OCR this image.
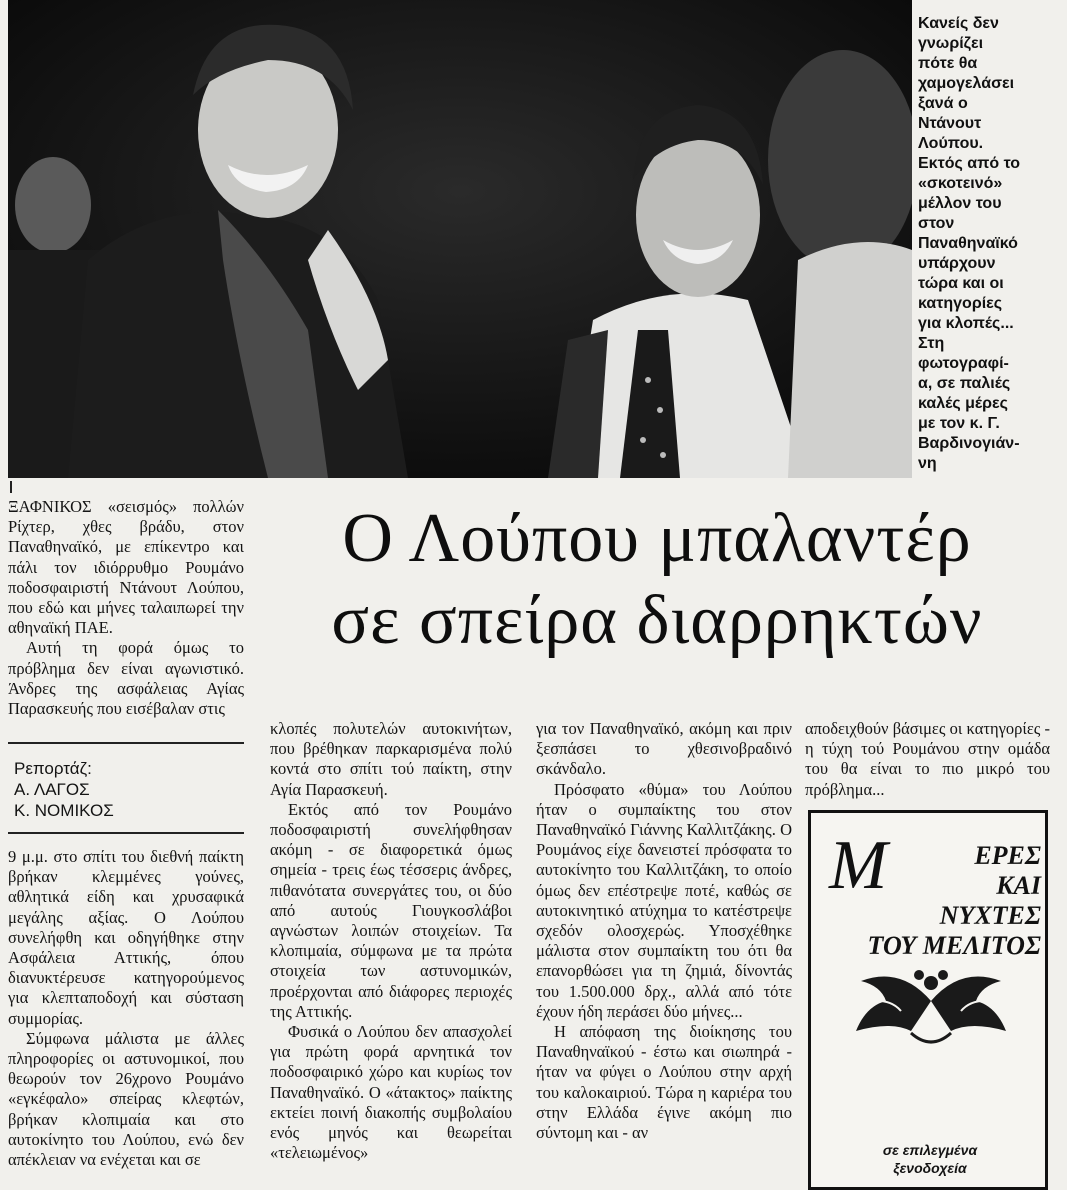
Κανείς δεν

γνωρίζει

πότε θα

χαμογελάσει

ξανά ο

Ντάνουτ

Λούπου.

Εκτός από το

«σκοτεινό»

μέλλον του

στον

Παναθηναϊκό

υπάρχουν

τώρα και οι

κατηγορίες

για κλοπές...

Στη

φωτογραφί-

α, σε παλιές

καλές μέρες

με τον κ. Γ.

Βαρδινογιάν-

νη

ΞΑΦΝΙΚΟΣ «σεισμός» πολλών Ρίχτερ, χθες βράδυ, στον Παναθηναϊκό, με επίκεντρο και πάλι τον ιδιόρρυθμο Ρουμάνο ποδοσφαιριστή Ντάνουτ Λούπου, που εδώ και μήνες ταλαιπωρεί την αθηναϊκή ΠΑΕ.

Αυτή τη φορά όμως το πρόβλημα δεν είναι αγωνιστικό. Άνδρες της ασφάλειας Αγίας Παρασκευής που εισέβαλαν στις

Ρεπορτάζ:
Α. ΛΑΓΟΣ
Κ. ΝΟΜΙΚΟΣ

9 μ.μ. στο σπίτι του διεθνή παίκτη βρήκαν κλεμμένες γούνες, αθλητικά είδη και χρυσαφικά μεγάλης αξίας. Ο Λούπου συνελήφθη και οδηγήθηκε στην Ασφάλεια Αττικής, όπου διανυκτέρευσε κατηγορούμενος για κλεπταποδοχή και σύσταση συμμορίας.

Σύμφωνα μάλιστα με άλλες πληροφορίες οι αστυνομικοί, που θεωρούν τον 26χρονο Ρουμάνο «εγκέφαλο» σπείρας κλεφτών, βρήκαν κλοπιμαία και στο αυτοκίνητο του Λούπου, ενώ δεν απέκλειαν να ενέχεται και σε

Ο Λούπου μπαλαντέρ
σε σπείρα διαρρηκτών

κλοπές πολυτελών αυτοκινήτων, που βρέθηκαν παρκαρισμένα πολύ κοντά στο σπίτι τού παίκτη, στην Αγία Παρασκευή.

Εκτός από τον Ρουμάνο ποδοσφαιριστή συνελήφθησαν ακόμη - σε διαφορετικά όμως σημεία - τρεις έως τέσσερις άνδρες, πιθανότατα συνεργάτες του, οι δύο από αυτούς Γιουγκοσλάβοι αγνώστων λοιπών στοιχείων. Τα κλοπιμαία, σύμφωνα με τα πρώτα στοιχεία των αστυνομικών, προέρχονται από διάφορες περιοχές της Αττικής.

Φυσικά ο Λούπου δεν απασχολεί για πρώτη φορά αρνητικά τον ποδοσφαιρικό χώρο και κυρίως τον Παναθηναϊκό. Ο «άτακτος» παίκτης εκτείει ποινή διακοπής συμβολαίου ενός μηνός και θεωρείται «τελειωμένος»

για τον Παναθηναϊκό, ακόμη και πριν ξεσπάσει το χθεσινοβραδινό σκάνδαλο.

Πρόσφατο «θύμα» του Λούπου ήταν ο συμπαίκτης του στον Παναθηναϊκό Γιάννης Καλλιτζάκης. Ο Ρουμάνος είχε δανειστεί πρόσφατα το αυτοκίνητο του Καλλιτζάκη, το οποίο όμως δεν επέστρεψε ποτέ, καθώς σε αυτοκινητικό ατύχημα το κατέστρεψε σχεδόν ολοσχερώς. Υποσχέθηκε μάλιστα στον συμπαίκτη του ότι θα επανορθώσει για τη ζημιά, δίνοντάς του 1.500.000 δρχ., αλλά από τότε έχουν ήδη περάσει δύο μήνες...

Η απόφαση της διοίκησης του Παναθηναϊκού - έστω και σιωπηρά - ήταν να φύγει ο Λούπου στην αρχή του καλοκαιριού. Τώρα η καριέρα του στην Ελλάδα έγινε ακόμη πιο σύντομη και - αν

αποδειχθούν βάσιμες οι κατηγορίες - η τύχη τού Ρουμάνου στην ομάδα του θα είναι το πιο μικρό του πρόβλημα...

Μ	ΕΡΕΣ
ΚΑΙ
ΝΥΧΤΕΣ
ΤΟΥ ΜΕΛΙΤΟΣ
σε επιλεγμένα
ξενοδοχεία
